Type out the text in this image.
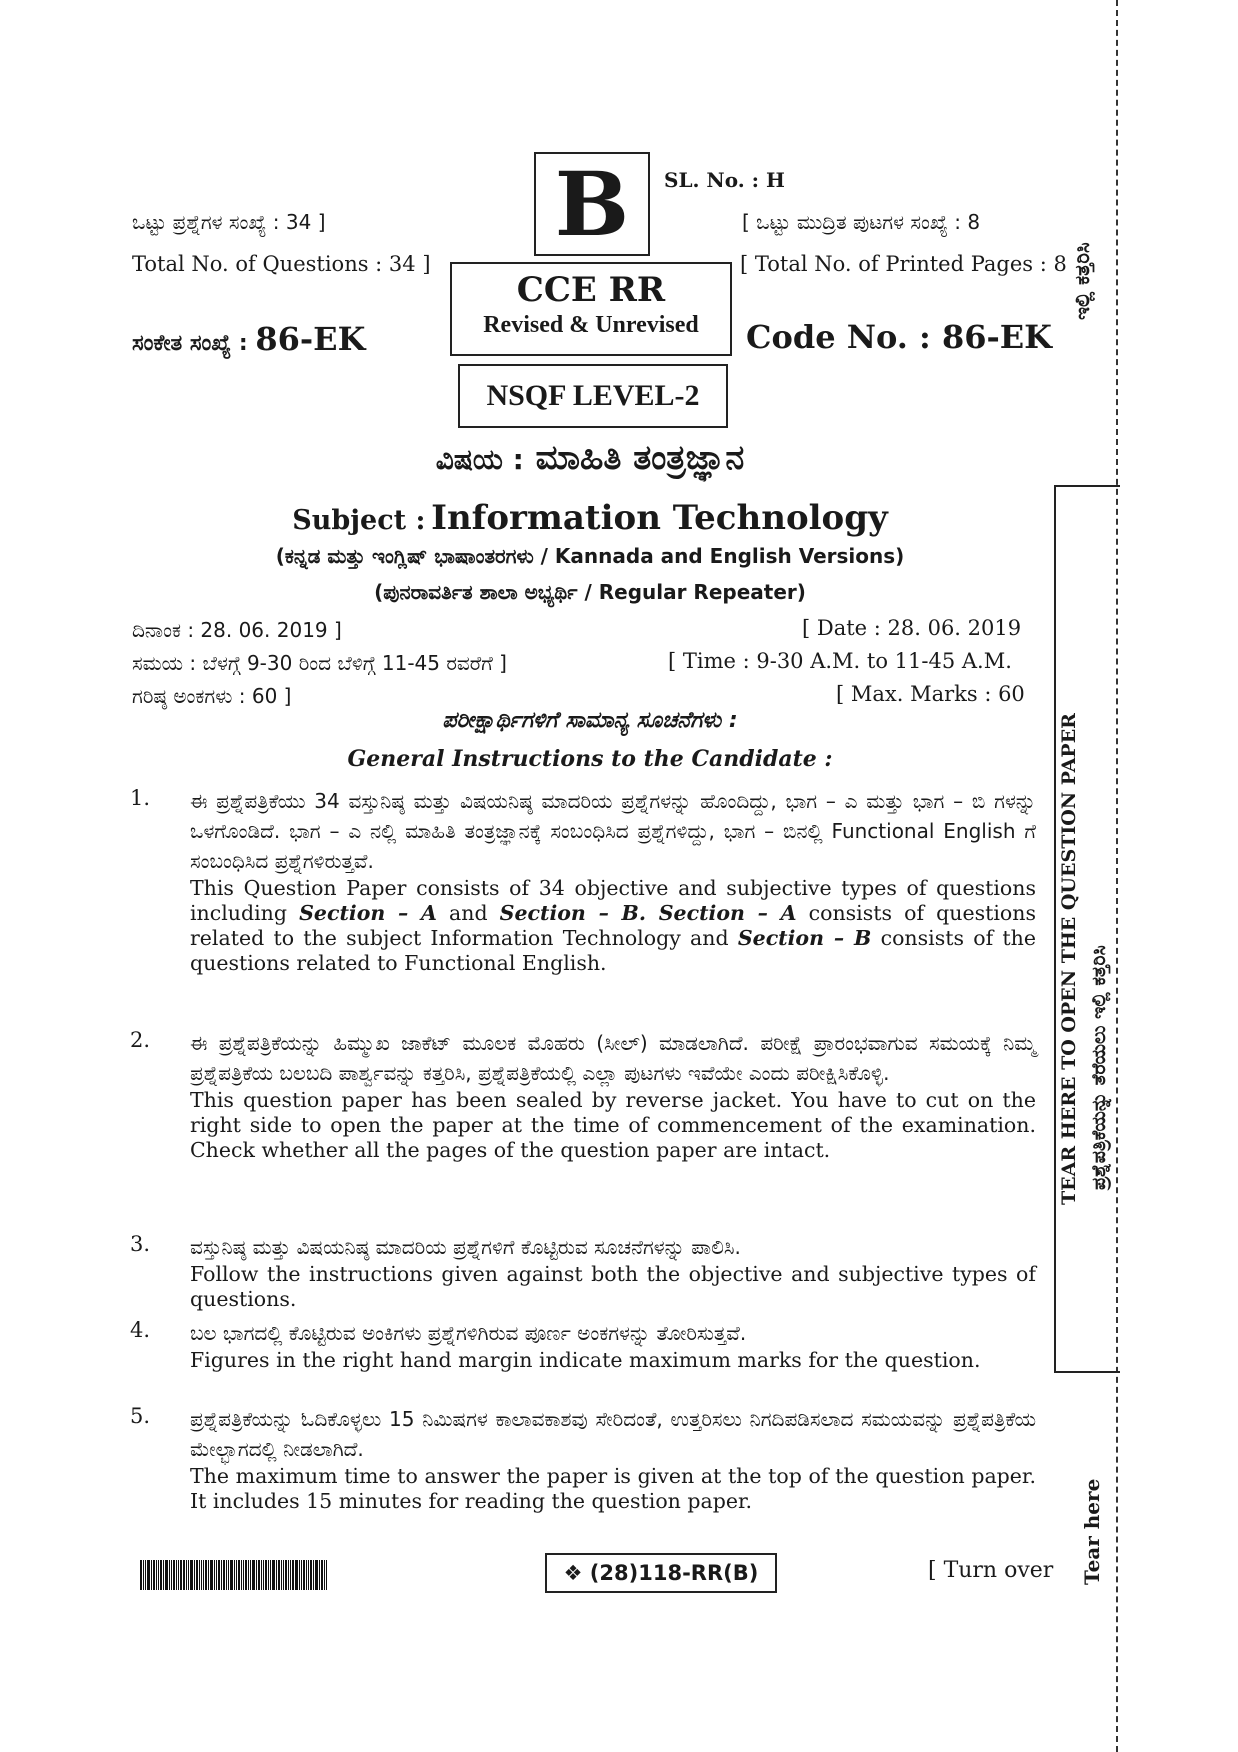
ಇಲ್ಲಿ ಕತ್ತರಿಸಿ
TEAR HERE TO OPEN THE QUESTION PAPER ಪ್ರಶ್ನೆಪತ್ರಿಕೆಯನ್ನು ತೆರೆಯಲು ಇಲ್ಲಿ ಕತ್ತರಿಸಿ
Tear here
B SL. No. : H
ಒಟ್ಟು ಪ್ರಶ್ನೆಗಳ ಸಂಖ್ಯೆ : 34 ]
Total No. of Questions : 34 ]
[ ಒಟ್ಟು ಮುದ್ರಿತ ಪುಟಗಳ ಸಂಖ್ಯೆ : 8
[ Total No. of Printed Pages : 8
CCE RR
Revised & Unrevised
ಸಂಕೇತ ಸಂಖ್ಯೆ : 86-EK	Code No. : 86-EK
NSQF LEVEL-2
ವಿಷಯ : ಮಾಹಿತಿ ತಂತ್ರಜ್ಞಾನ
Subject : Information Technology
(ಕನ್ನಡ ಮತ್ತು ಇಂಗ್ಲಿಷ್ ಭಾಷಾಂತರಗಳು / Kannada and English Versions)
(ಪುನರಾವರ್ತಿತ ಶಾಲಾ ಅಭ್ಯರ್ಥಿ / Regular Repeater)
ದಿನಾಂಕ : 28. 06. 2019 ]	[ Date : 28. 06. 2019
ಸಮಯ : ಬೆಳಗ್ಗೆ 9-30 ರಿಂದ ಬೆಳಿಗ್ಗೆ 11-45 ರವರೆಗೆ ]	[ Time : 9-30 A.M. to 11-45 A.M.
ಗರಿಷ್ಠ ಅಂಕಗಳು : 60 ]	[ Max. Marks : 60
ಪರೀಕ್ಷಾರ್ಥಿಗಳಿಗೆ ಸಾಮಾನ್ಯ ಸೂಚನೆಗಳು :
General Instructions to the Candidate :
1. ಈ ಪ್ರಶ್ನೆಪತ್ರಿಕೆಯು 34 ವಸ್ತುನಿಷ್ಠ ಮತ್ತು ವಿಷಯನಿಷ್ಠ ಮಾದರಿಯ ಪ್ರಶ್ನೆಗಳನ್ನು ಹೊಂದಿದ್ದು, ಭಾಗ – ಎ ಮತ್ತು ಭಾಗ – ಬಿ ಗಳನ್ನು ಒಳಗೊಂಡಿದೆ. ಭಾಗ – ಎ ನಲ್ಲಿ ಮಾಹಿತಿ ತಂತ್ರಜ್ಞಾನಕ್ಕೆ ಸಂಬಂಧಿಸಿದ ಪ್ರಶ್ನೆಗಳಿದ್ದು, ಭಾಗ – ಬಿನಲ್ಲಿ Functional English ಗೆ ಸಂಬಂಧಿಸಿದ ಪ್ರಶ್ನೆಗಳಿರುತ್ತವೆ.
This Question Paper consists of 34 objective and subjective types of questions including Section – A and Section – B. Section – A consists of questions related to the subject Information Technology and Section – B consists of the questions related to Functional English.
2. ಈ ಪ್ರಶ್ನೆಪತ್ರಿಕೆಯನ್ನು ಹಿಮ್ಮುಖ ಜಾಕೆಟ್ ಮೂಲಕ ಮೊಹರು (ಸೀಲ್) ಮಾಡಲಾಗಿದೆ. ಪರೀಕ್ಷೆ ಪ್ರಾರಂಭವಾಗುವ ಸಮಯಕ್ಕೆ ನಿಮ್ಮ ಪ್ರಶ್ನೆಪತ್ರಿಕೆಯ ಬಲಬದಿ ಪಾರ್ಶ್ವವನ್ನು ಕತ್ತರಿಸಿ, ಪ್ರಶ್ನೆಪತ್ರಿಕೆಯಲ್ಲಿ ಎಲ್ಲಾ ಪುಟಗಳು ಇವೆಯೇ ಎಂದು ಪರೀಕ್ಷಿಸಿಕೊಳ್ಳಿ.
This question paper has been sealed by reverse jacket. You have to cut on the right side to open the paper at the time of commencement of the examination. Check whether all the pages of the question paper are intact.
3. ವಸ್ತುನಿಷ್ಠ ಮತ್ತು ವಿಷಯನಿಷ್ಠ ಮಾದರಿಯ ಪ್ರಶ್ನೆಗಳಿಗೆ ಕೊಟ್ಟಿರುವ ಸೂಚನೆಗಳನ್ನು ಪಾಲಿಸಿ.
Follow the instructions given against both the objective and subjective types of questions.
4. ಬಲ ಭಾಗದಲ್ಲಿ ಕೊಟ್ಟಿರುವ ಅಂಕಿಗಳು ಪ್ರಶ್ನೆಗಳಿಗಿರುವ ಪೂರ್ಣ ಅಂಕಗಳನ್ನು ತೋರಿಸುತ್ತವೆ.
Figures in the right hand margin indicate maximum marks for the question.
5. ಪ್ರಶ್ನೆಪತ್ರಿಕೆಯನ್ನು ಓದಿಕೊಳ್ಳಲು 15 ನಿಮಿಷಗಳ ಕಾಲಾವಕಾಶವು ಸೇರಿದಂತೆ, ಉತ್ತರಿಸಲು ನಿಗದಿಪಡಿಸಲಾದ ಸಮಯವನ್ನು ಪ್ರಶ್ನೆಪತ್ರಿಕೆಯ ಮೇಲ್ಭಾಗದಲ್ಲಿ ನೀಡಲಾಗಿದೆ.
The maximum time to answer the paper is given at the top of the question paper. It includes 15 minutes for reading the question paper.
❖ (28)118-RR(B)	[ Turn over
